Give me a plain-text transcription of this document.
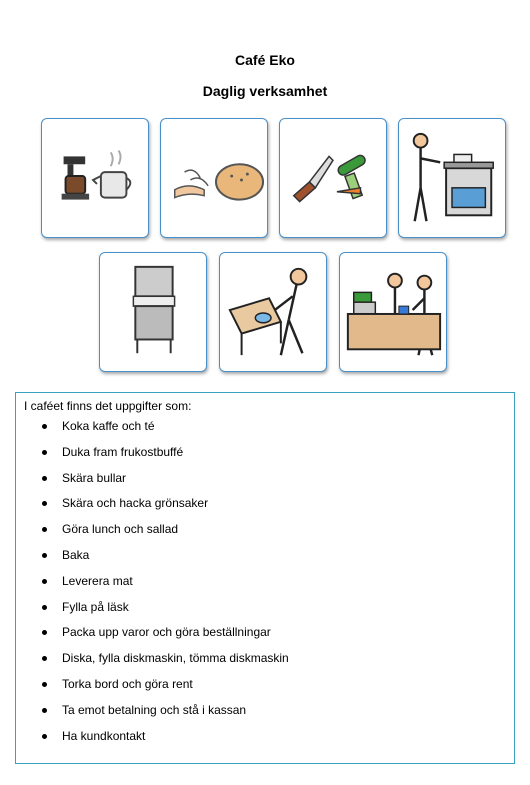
Café Eko
Daglig verksamhet
I caféet finns det uppgifter som:
Koka kaffe och té
Duka fram frukostbuffé
Skära bullar
Skära och hacka grönsaker
Göra lunch och sallad
Baka
Leverera mat
Fylla på läsk
Packa upp varor och göra beställningar
Diska, fylla diskmaskin, tömma diskmaskin
Torka bord och göra rent
Ta emot betalning och stå i kassan
Ha kundkontakt
